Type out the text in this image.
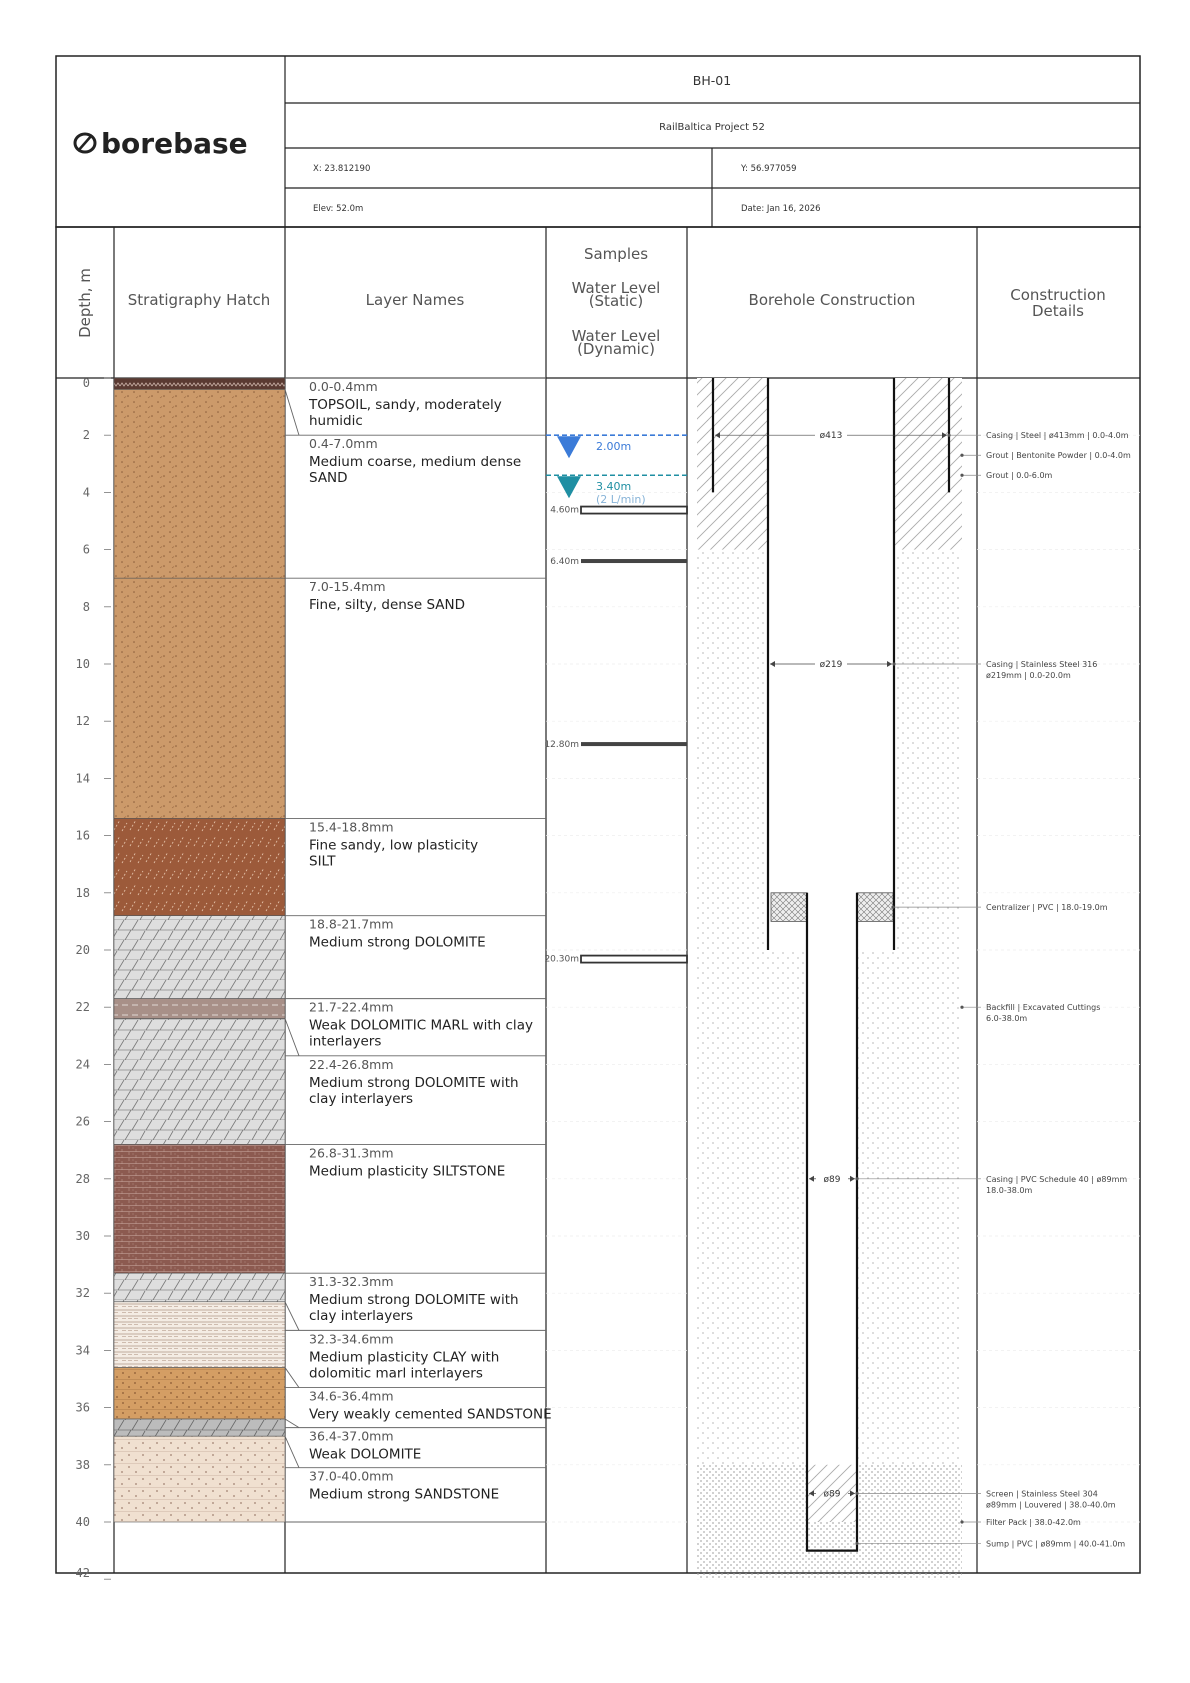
borebase
BH-01
RailBaltica Project 52
X: 23.812190	Y: 56.977059
Elev: 52.0m	Date: Jan 16, 2026
Depth, m Stratigraphy Hatch	Layer Names
Samples
Water Level
(Static)
Water Level
(Dynamic)
Borehole Construction	Construction
Details
0
2
4
6
8
10
12
14
16
18
20
22
24
26
28
30
32
34
36
38
40
42
0.0-0.4mm
TOPSOIL, sandy, moderately
humidic
0.4-7.0mm
Medium coarse, medium dense
SAND
7.0-15.4mm
Fine, silty, dense SAND
15.4-18.8mm
Fine sandy, low plasticity
SILT
18.8-21.7mm
Medium strong DOLOMITE
21.7-22.4mm
Weak DOLOMITIC MARL with clay
interlayers
22.4-26.8mm
Medium strong DOLOMITE with
clay interlayers
26.8-31.3mm
Medium plasticity SILTSTONE
31.3-32.3mm
Medium strong DOLOMITE with
clay interlayers
32.3-34.6mm
Medium plasticity CLAY with
dolomitic marl interlayers
34.6-36.4mm
Very weakly cemented SANDSTONE
36.4-37.0mm
Weak DOLOMITE
37.0-40.0mm
Medium strong SANDSTONE
4.60m
6.40m
12.80m
20.30m
2.00m
3.40m
(2 L/min)
ø413
ø219
ø89
ø89
Casing | Steel | ø413mm | 0.0-4.0m
Grout | Bentonite Powder | 0.0-4.0m
Grout | 0.0-6.0m
Casing | Stainless Steel 316
ø219mm | 0.0-20.0m
Centralizer | PVC | 18.0-19.0m
Backfill | Excavated Cuttings
6.0-38.0m
Casing | PVC Schedule 40 | ø89mm
18.0-38.0m
Screen | Stainless Steel 304
ø89mm | Louvered | 38.0-40.0m
Filter Pack | 38.0-42.0m
Sump | PVC | ø89mm | 40.0-41.0m
